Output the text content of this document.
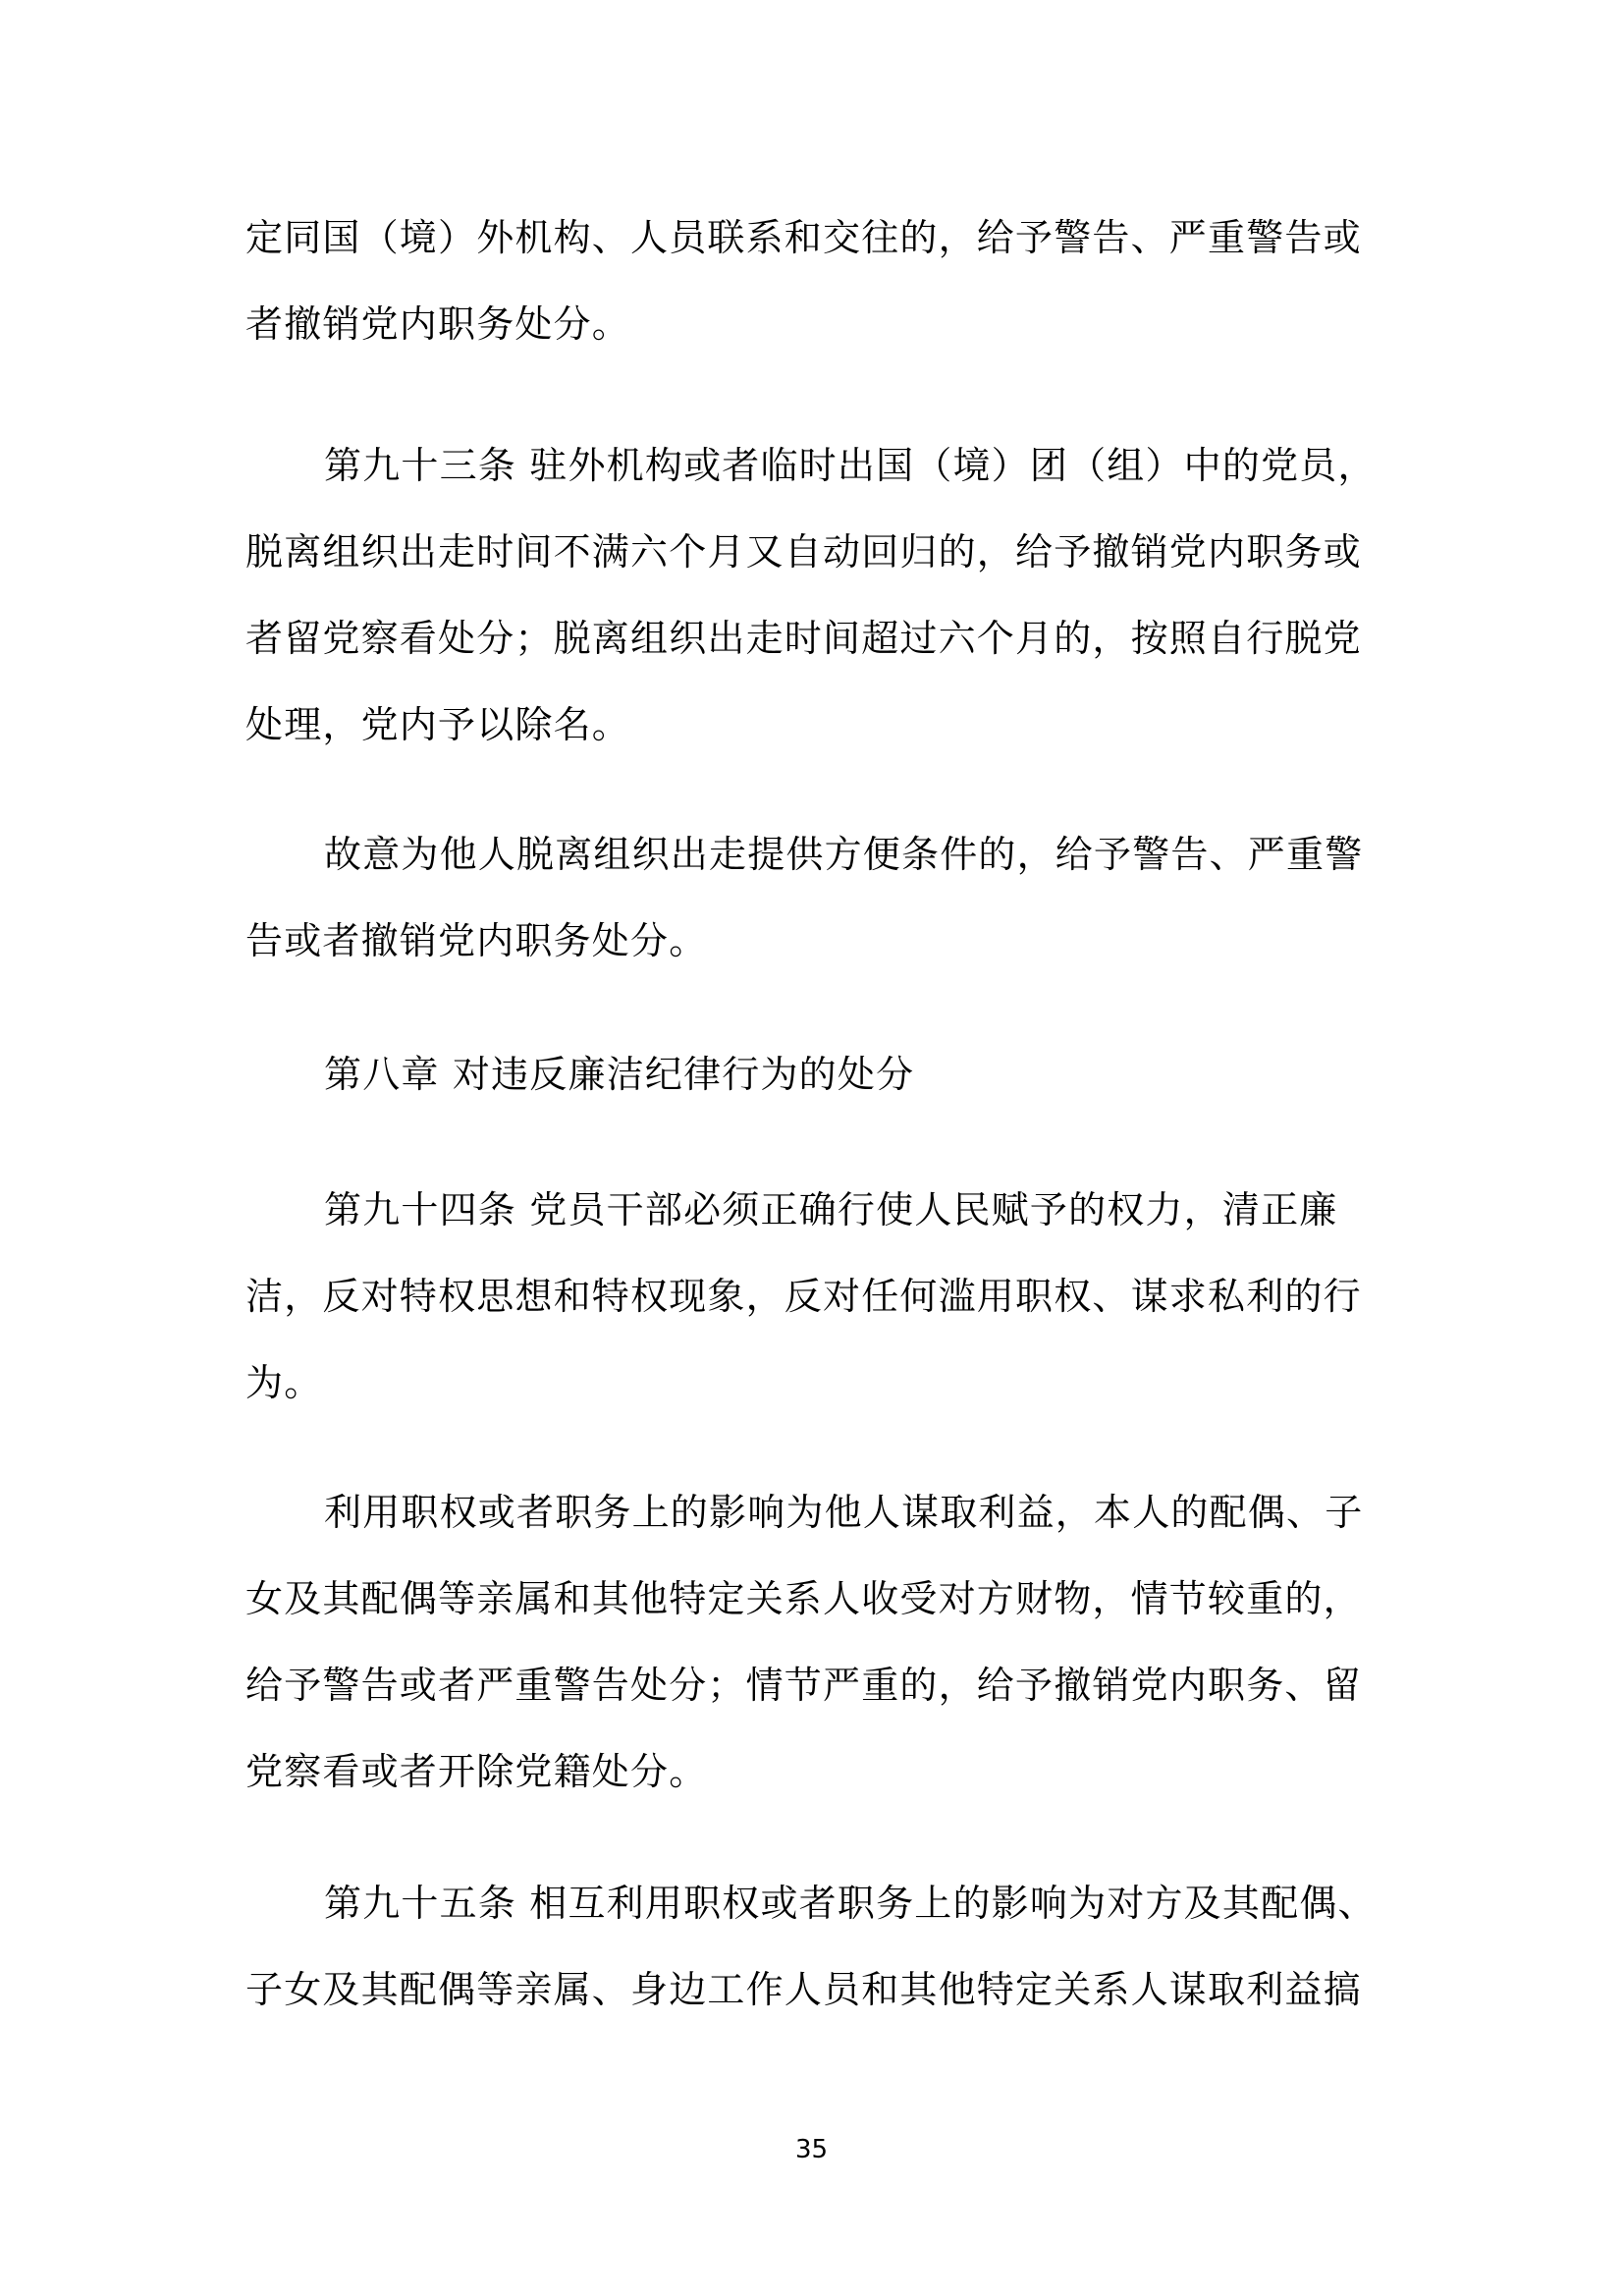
定同国（境）外机构、人员联系和交往的，给予警告、严重警告或
者撤销党内职务处分。
第九十三条 驻外机构或者临时出国（境）团（组）中的党员，
脱离组织出走时间不满六个月又自动回归的，给予撤销党内职务或
者留党察看处分；脱离组织出走时间超过六个月的，按照自行脱党
处理，党内予以除名。
故意为他人脱离组织出走提供方便条件的，给予警告、严重警
告或者撤销党内职务处分。
第八章 对违反廉洁纪律行为的处分
第九十四条 党员干部必须正确行使人民赋予的权力，清正廉
洁，反对特权思想和特权现象，反对任何滥用职权、谋求私利的行
为。
利用职权或者职务上的影响为他人谋取利益，本人的配偶、子
女及其配偶等亲属和其他特定关系人收受对方财物，情节较重的，
给予警告或者严重警告处分；情节严重的，给予撤销党内职务、留
党察看或者开除党籍处分。
第九十五条 相互利用职权或者职务上的影响为对方及其配偶、
子女及其配偶等亲属、身边工作人员和其他特定关系人谋取利益搞
35
